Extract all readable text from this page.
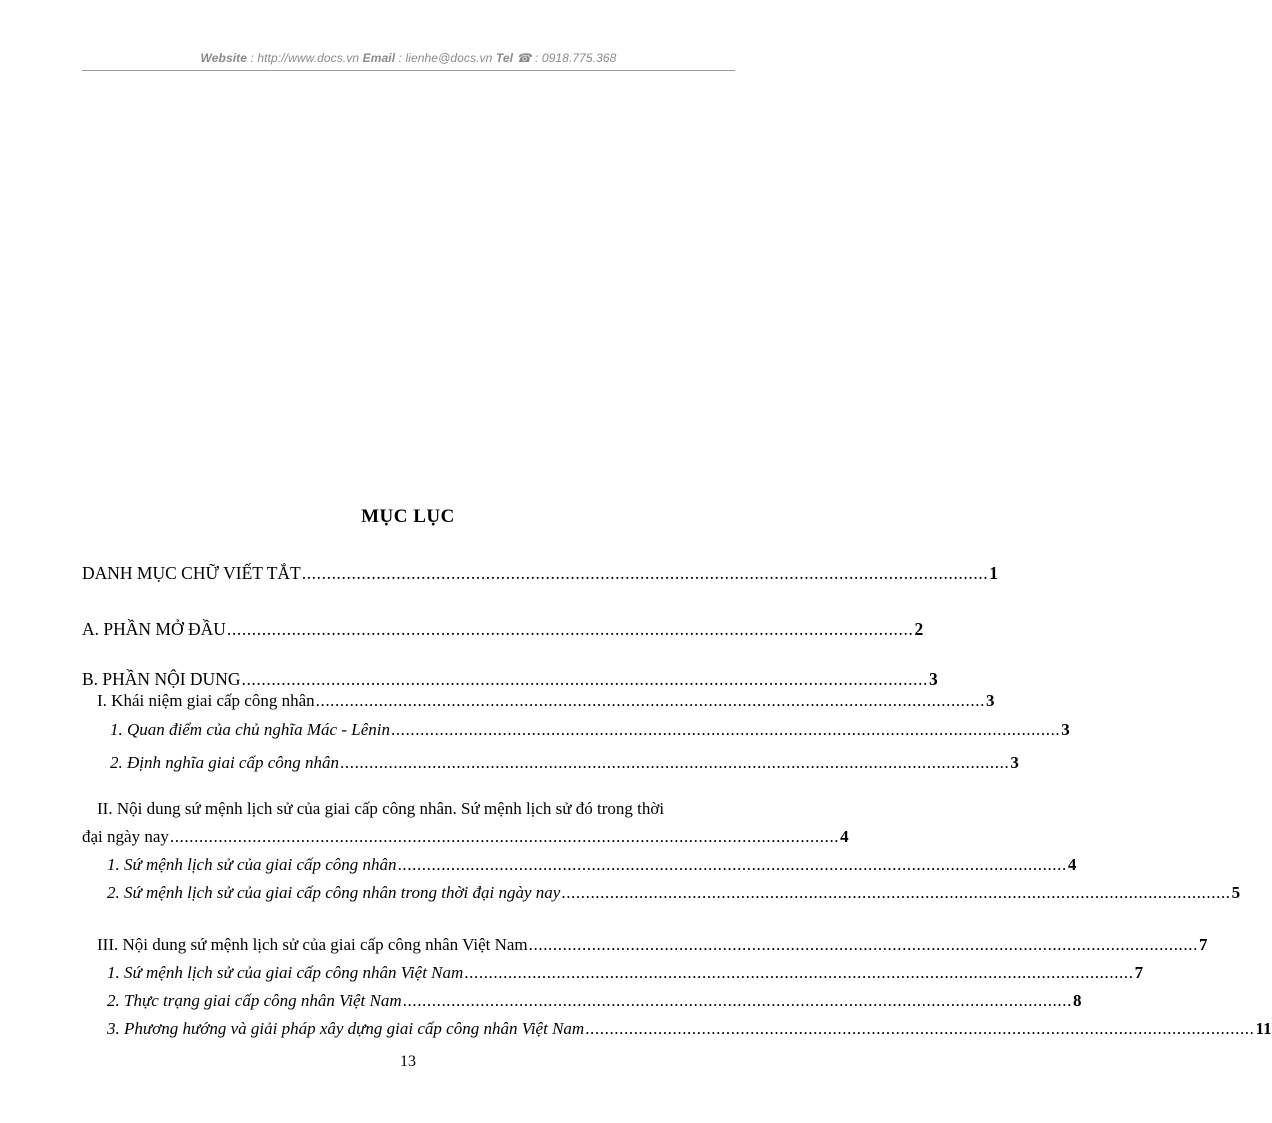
Website : http://www.docs.vn Email : lienhe@docs.vn Tel ☎ : 0918.775.368
MỤC LỤC
DANH MỤC CHỮ VIẾT TẮT .......................................................................................................................................... 1
A. PHẦN MỞ ĐẦU .......................................................................................................................................... 2
B. PHẦN NỘI DUNG .......................................................................................................................................... 3
I. Khái niệm giai cấp công nhân .......................................................................................................................................... 3
1. Quan điểm của chủ nghĩa Mác - Lênin .......................................................................................................................................... 3
2. Định nghĩa giai cấp công nhân .......................................................................................................................................... 3
II. Nội dung sứ mệnh lịch sử của giai cấp công nhân. Sứ mệnh lịch sử đó trong thời
đại ngày nay .......................................................................................................................................... 4
1. Sứ mệnh lịch sử của giai cấp công nhân .......................................................................................................................................... 4
2. Sứ mệnh lịch sử của giai cấp công nhân trong thời đại ngày nay .......................................................................................................................................... 5
III. Nội dung sứ mệnh lịch sử của giai cấp công nhân Việt Nam .......................................................................................................................................... 7
1. Sứ mệnh lịch sử của giai cấp công nhân Việt Nam .......................................................................................................................................... 7
2. Thực trạng giai cấp công nhân Việt Nam .......................................................................................................................................... 8
3. Phương hướng và giải pháp xây dựng giai cấp công nhân Việt Nam .......................................................................................................................................... 11
13
